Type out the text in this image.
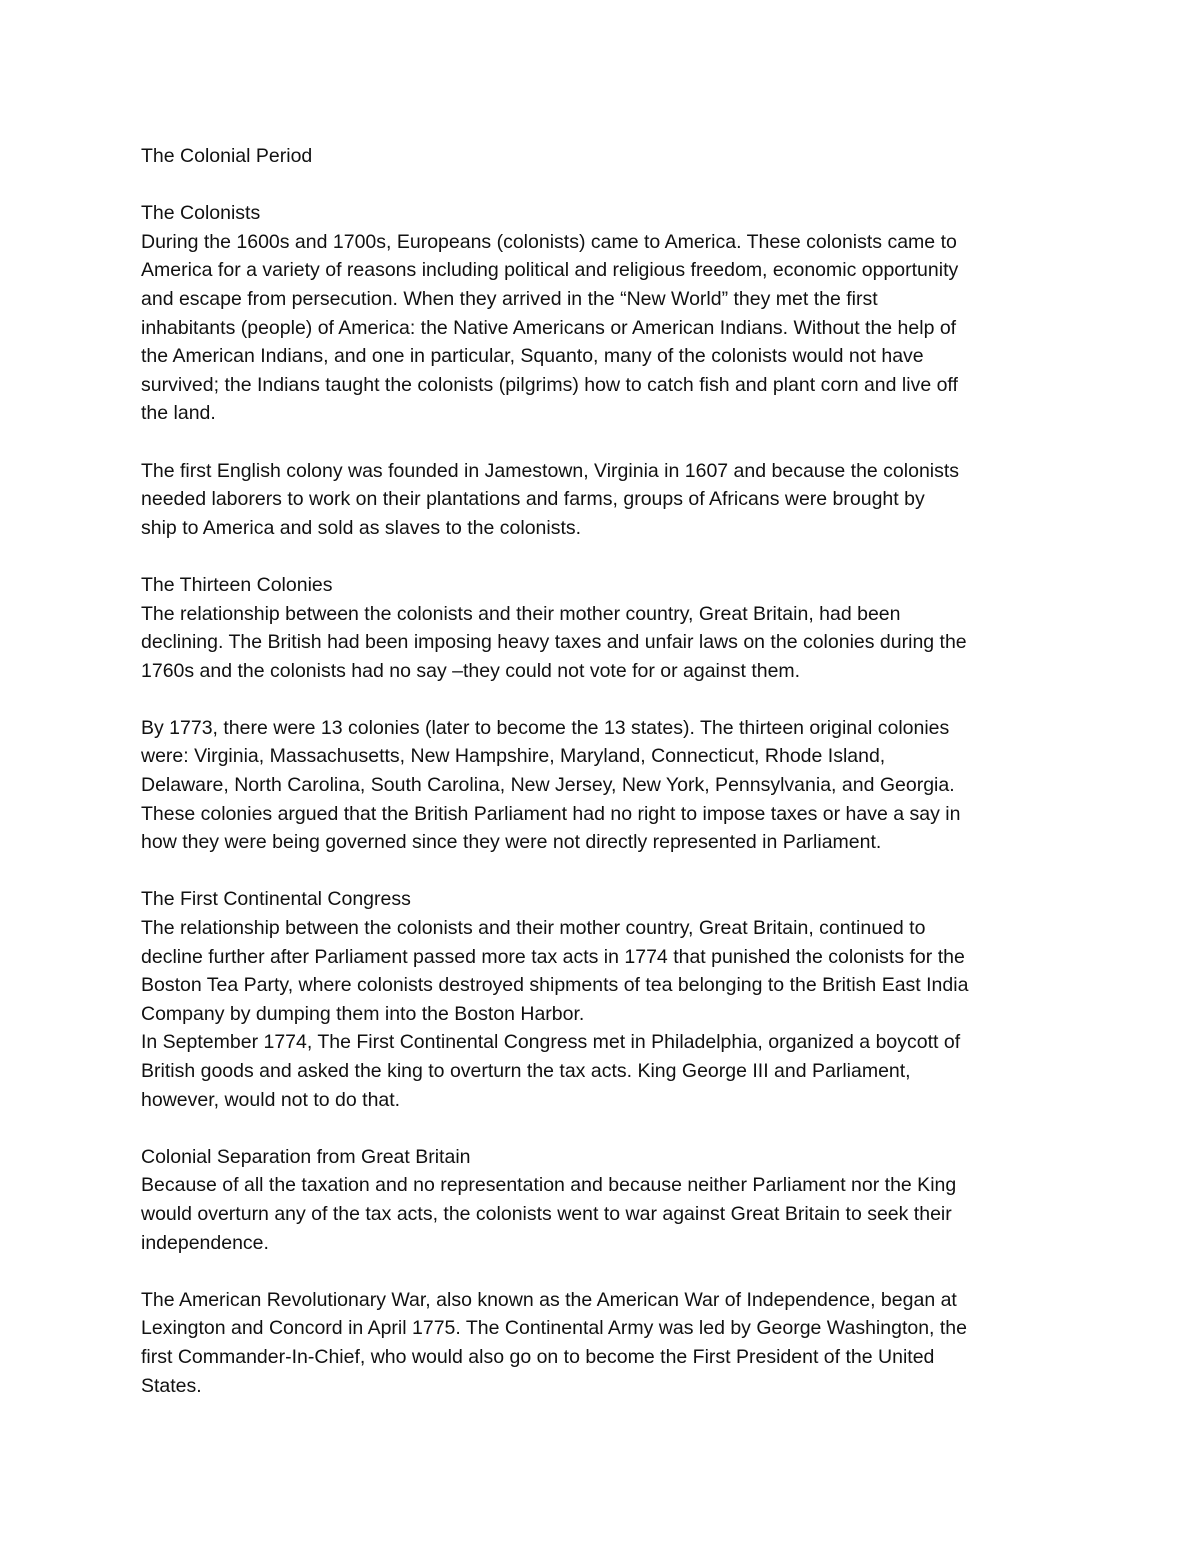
The Colonial Period
The Colonists
During the 1600s and 1700s, Europeans (colonists) came to America. These colonists came to
America for a variety of reasons including political and religious freedom, economic opportunity
and escape from persecution. When they arrived in the “New World” they met the first
inhabitants (people) of America: the Native Americans or American Indians. Without the help of
the American Indians, and one in particular, Squanto, many of the colonists would not have
survived; the Indians taught the colonists (pilgrims) how to catch fish and plant corn and live off
the land.
The first English colony was founded in Jamestown, Virginia in 1607 and because the colonists
needed laborers to work on their plantations and farms, groups of Africans were brought by
ship to America and sold as slaves to the colonists.
The Thirteen Colonies
The relationship between the colonists and their mother country, Great Britain, had been
declining. The British had been imposing heavy taxes and unfair laws on the colonies during the
1760s and the colonists had no say –they could not vote for or against them.
By 1773, there were 13 colonies (later to become the 13 states). The thirteen original colonies
were: Virginia, Massachusetts, New Hampshire, Maryland, Connecticut, Rhode Island,
Delaware, North Carolina, South Carolina, New Jersey, New York, Pennsylvania, and Georgia.
These colonies argued that the British Parliament had no right to impose taxes or have a say in
how they were being governed since they were not directly represented in Parliament.
The First Continental Congress
The relationship between the colonists and their mother country, Great Britain, continued to
decline further after Parliament passed more tax acts in 1774 that punished the colonists for the
Boston Tea Party, where colonists destroyed shipments of tea belonging to the British East India
Company by dumping them into the Boston Harbor.
In September 1774, The First Continental Congress met in Philadelphia, organized a boycott of
British goods and asked the king to overturn the tax acts. King George III and Parliament,
however, would not to do that.
Colonial Separation from Great Britain
Because of all the taxation and no representation and because neither Parliament nor the King
would overturn any of the tax acts, the colonists went to war against Great Britain to seek their
independence.
The American Revolutionary War, also known as the American War of Independence, began at
Lexington and Concord in April 1775. The Continental Army was led by George Washington, the
first Commander-In-Chief, who would also go on to become the First President of the United
States.
